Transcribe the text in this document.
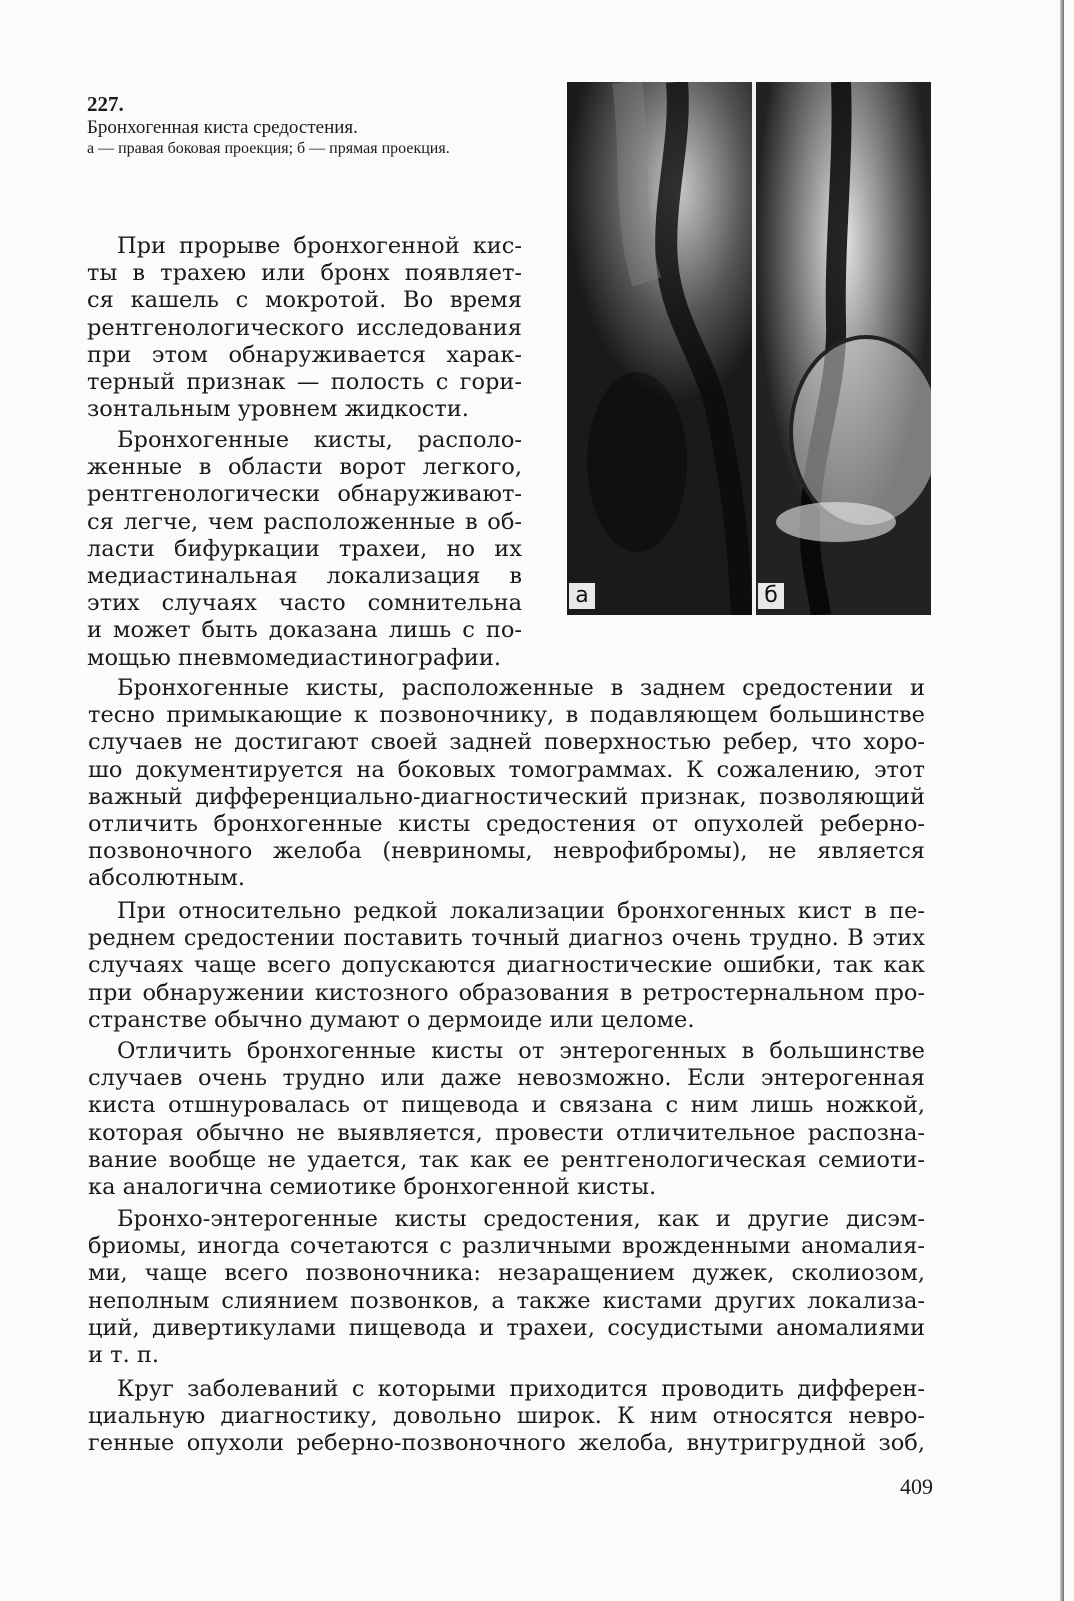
227.
Бронхогенная киста средостения.
а — правая боковая проекция; б — прямая проекция.
а	б
При прорыве бронхогенной кис-
ты в трахею или бронх появляет-
ся кашель с мокротой. Во время
рентгенологического исследования
при этом обнаруживается харак-
терный признак — полость с гори-
зонтальным уровнем жидкости.
Бронхогенные кисты, располо-
женные в области ворот легкого,
рентгенологически обнаруживают-
ся легче, чем расположенные в об-
ласти бифуркации трахеи, но их
медиастинальная локализация в
этих случаях часто сомнительна
и может быть доказана лишь с по-
мощью пневмомедиастинографии.
Бронхогенные кисты, расположенные в заднем средостении и
тесно примыкающие к позвоночнику, в подавляющем большинстве
случаев не достигают своей задней поверхностью ребер, что хоро-
шо документируется на боковых томограммах. К сожалению, этот
важный дифференциально-диагностический признак, позволяющий
отличить бронхогенные кисты средостения от опухолей реберно-
позвоночного желоба (невриномы, неврофибромы), не является
абсолютным.
При относительно редкой локализации бронхогенных кист в пе-
реднем средостении поставить точный диагноз очень трудно. В этих
случаях чаще всего допускаются диагностические ошибки, так как
при обнаружении кистозного образования в ретростернальном про-
странстве обычно думают о дермоиде или целоме.
Отличить бронхогенные кисты от энтерогенных в большинстве
случаев очень трудно или даже невозможно. Если энтерогенная
киста отшнуровалась от пищевода и связана с ним лишь ножкой,
которая обычно не выявляется, провести отличительное распозна-
вание вообще не удается, так как ее рентгенологическая семиоти-
ка аналогична семиотике бронхогенной кисты.
Бронхо-энтерогенные кисты средостения, как и другие дисэм-
бриомы, иногда сочетаются с различными врожденными аномалия-
ми, чаще всего позвоночника: незаращением дужек, сколиозом,
неполным слиянием позвонков, а также кистами других локализа-
ций, дивертикулами пищевода и трахеи, сосудистыми аномалиями
и т. п.
Круг заболеваний с которыми приходится проводить дифферен-
циальную диагностику, довольно широк. К ним относятся невро-
генные опухоли реберно-позвоночного желоба, внутригрудной зоб,
409
